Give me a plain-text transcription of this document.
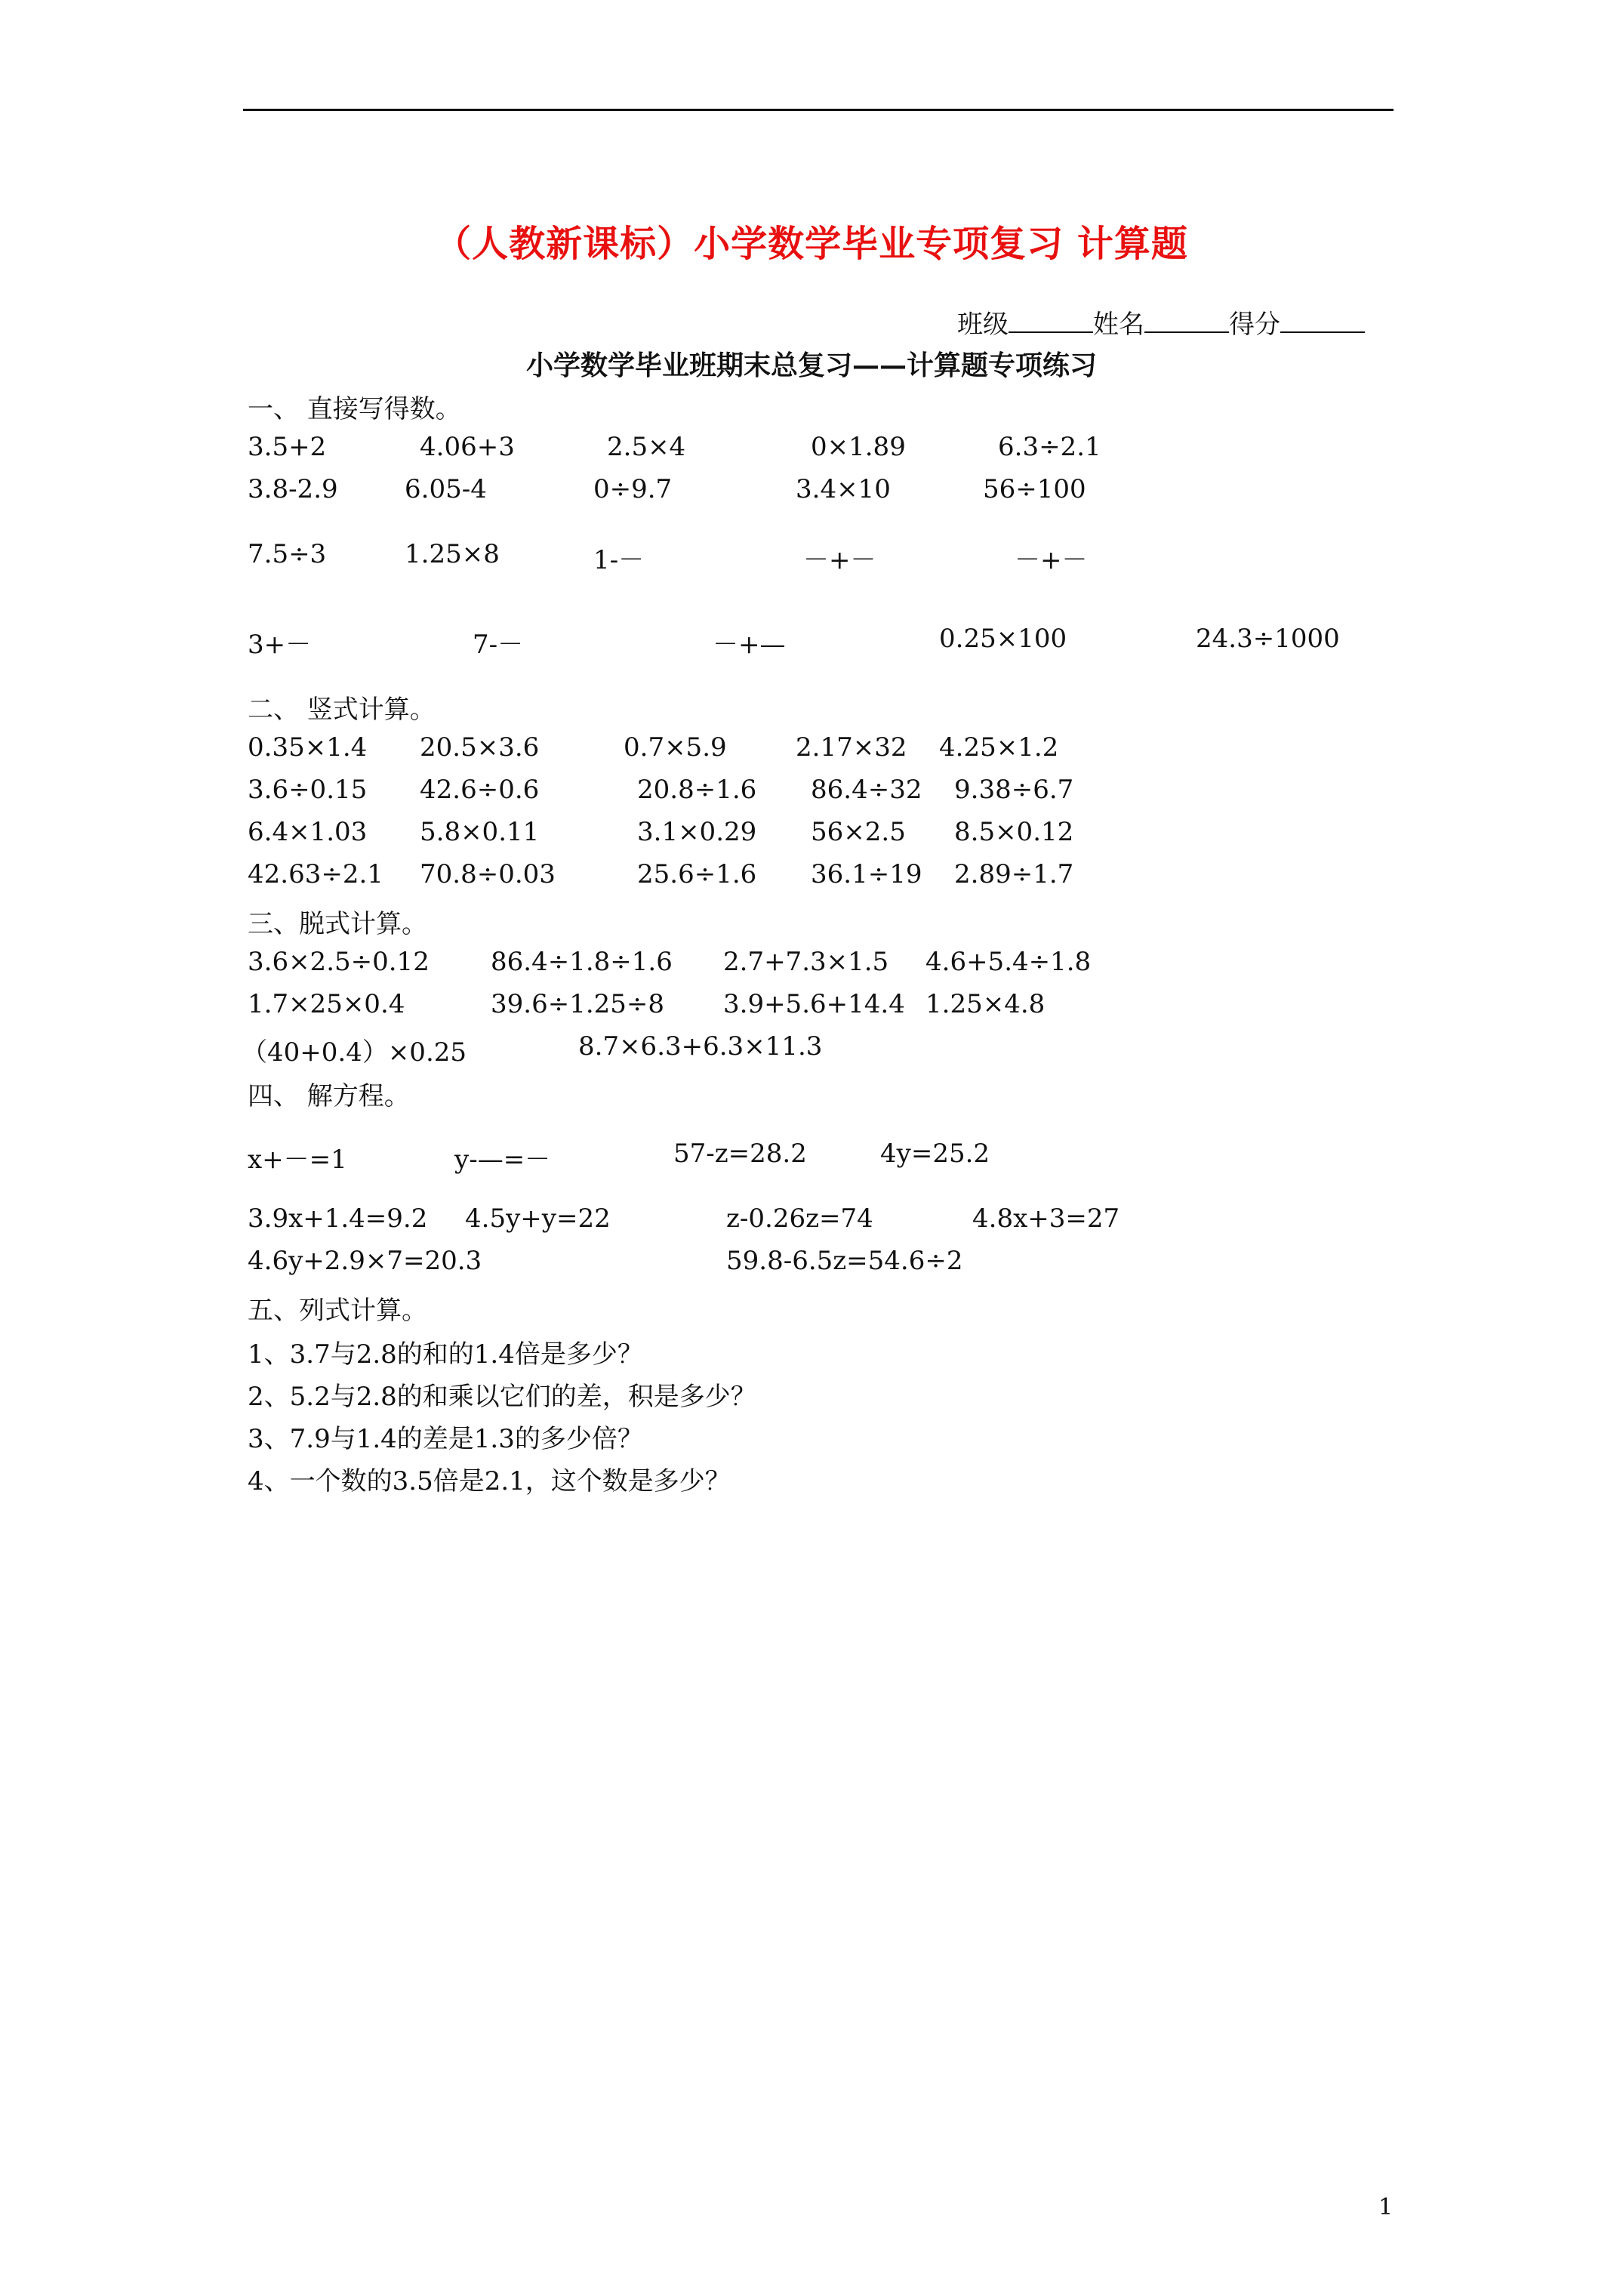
（人教新课标）小学数学毕业专项复习 计算题
班级	姓名	得分
小学数学毕业班期末总复习——计算题专项练习
一、 直接写得数。
3.5+2	4.06+3	2.5×4	0×1.89	6.3÷2.1
3.8-2.9	6.05-4	0÷9.7	3.4×10	56÷100
7.5÷3	1.25×8	1-－	－+－	－+－
3+－	7-－	－+—	0.25×100	24.3÷1000
二、 竖式计算。
0.35×1.4 20.5×3.6	0.7×5.9	2.17×32 4.25×1.2
3.6÷0.15 42.6÷0.6	20.8÷1.6 86.4÷32 9.38÷6.7
6.4×1.03 5.8×0.11	3.1×0.29 56×2.5 8.5×0.12
42.63÷2.1 70.8÷0.03	25.6÷1.6 36.1÷19 2.89÷1.7
三、脱式计算。
3.6×2.5÷0.12 86.4÷1.8÷1.6 2.7+7.3×1.5 4.6+5.4÷1.8
1.7×25×0.4	39.6÷1.25÷8 3.9+5.6+14.4 1.25×4.8
（40+0.4）×0.25	8.7×6.3+6.3×11.3
四、 解方程。
x+－=1	y-—=－	57-z=28.2	4y=25.2
3.9x+1.4=9.2 4.5y+y=22	z-0.26z=74	4.8x+3=27
4.6y+2.9×7=20.3	59.8-6.5z=54.6÷2
五、列式计算。
1、3.7与2.8的和的1.4倍是多少？
2、5.2与2.8的和乘以它们的差，积是多少？
3、7.9与1.4的差是1.3的多少倍？
4、一个数的3.5倍是2.1，这个数是多少？
1
